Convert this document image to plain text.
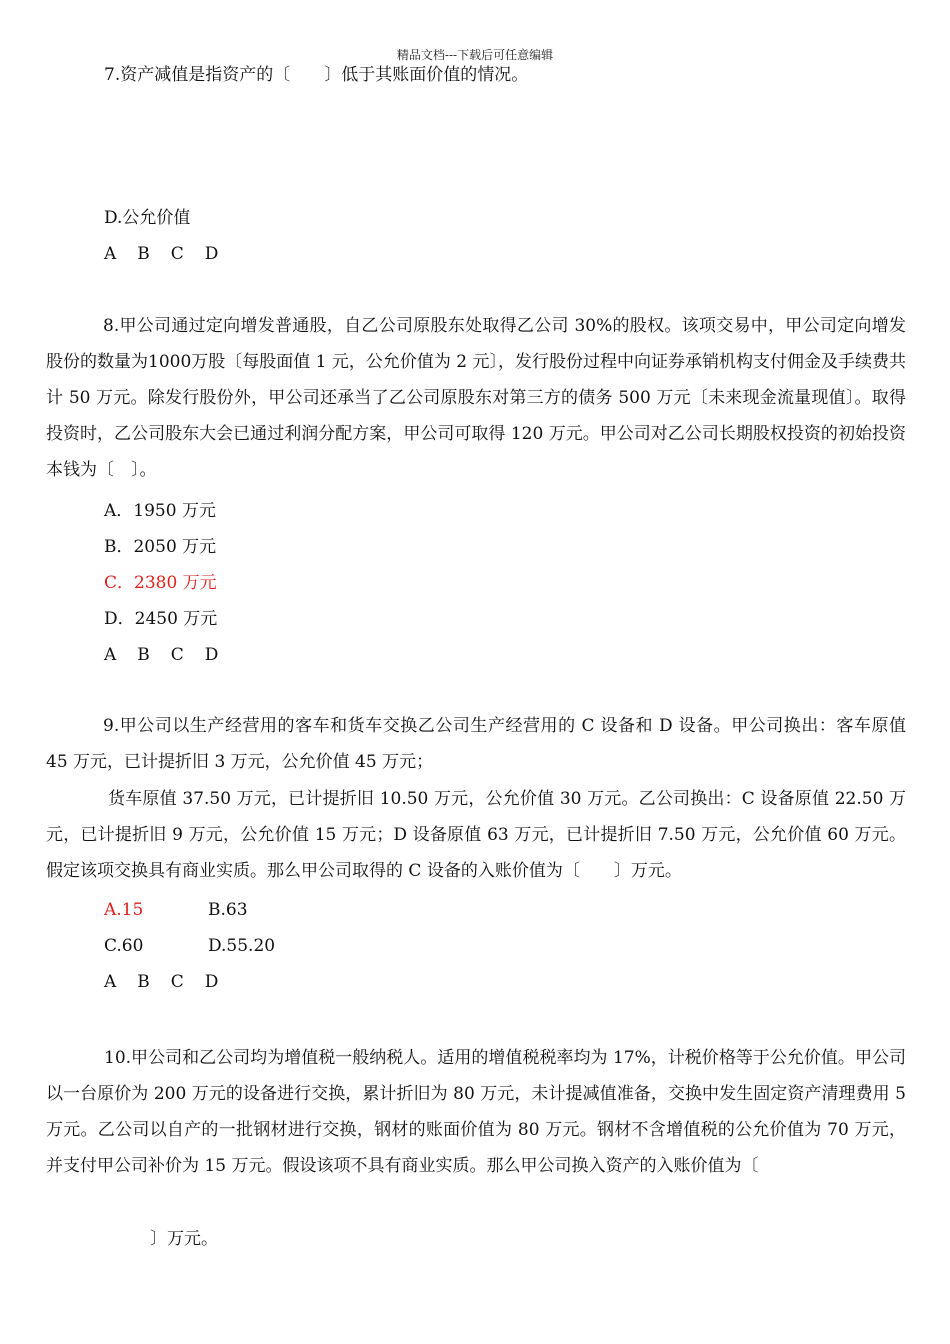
精品文档---下载后可任意编辑
7.资产减值是指资产的〔　　〕低于其账面价值的情况。
D.公允价值
A　B　C　D
8.甲公司通过定向增发普通股，自乙公司原股东处取得乙公司 30%的股权。该项交易中，甲公司定向增发股份的数量为1000万股〔每股面值 1 元，公允价值为 2 元〕，发行股份过程中向证券承销机构支付佣金及手续费共计 50 万元。除发行股份外，甲公司还承当了乙公司原股东对第三方的债务 500 万元〔未来现金流量现值〕。取得投资时，乙公司股东大会已通过利润分配方案，甲公司可取得 120 万元。甲公司对乙公司长期股权投资的初始投资本钱为〔　〕。
A．1950 万元
B．2050 万元
C．2380 万元
D．2450 万元
A　B　C　D
9.甲公司以生产经营用的客车和货车交换乙公司生产经营用的 C 设备和 D 设备。甲公司换出：客车原值 45 万元，已计提折旧 3 万元，公允价值 45 万元；
货车原值 37.50 万元，已计提折旧 10.50 万元，公允价值 30 万元。乙公司换出：C 设备原值 22.50 万元，已计提折旧 9 万元，公允价值 15 万元；D 设备原值 63 万元，已计提折旧 7.50 万元，公允价值 60 万元。假定该项交换具有商业实质。那么甲公司取得的 C 设备的入账价值为〔　　〕万元。
A.15	B.63
C.60	D.55.20
A　B　C　D
10.甲公司和乙公司均为增值税一般纳税人。适用的增值税税率均为 17%，计税价格等于公允价值。甲公司以一台原价为 200 万元的设备进行交换，累计折旧为 80 万元，未计提减值准备，交换中发生固定资产清理费用 5 万元。乙公司以自产的一批钢材进行交换，钢材的账面价值为 80 万元。钢材不含增值税的公允价值为 70 万元，并支付甲公司补价为 15 万元。假设该项不具有商业实质。那么甲公司换入资产的入账价值为〔
〕万元。
